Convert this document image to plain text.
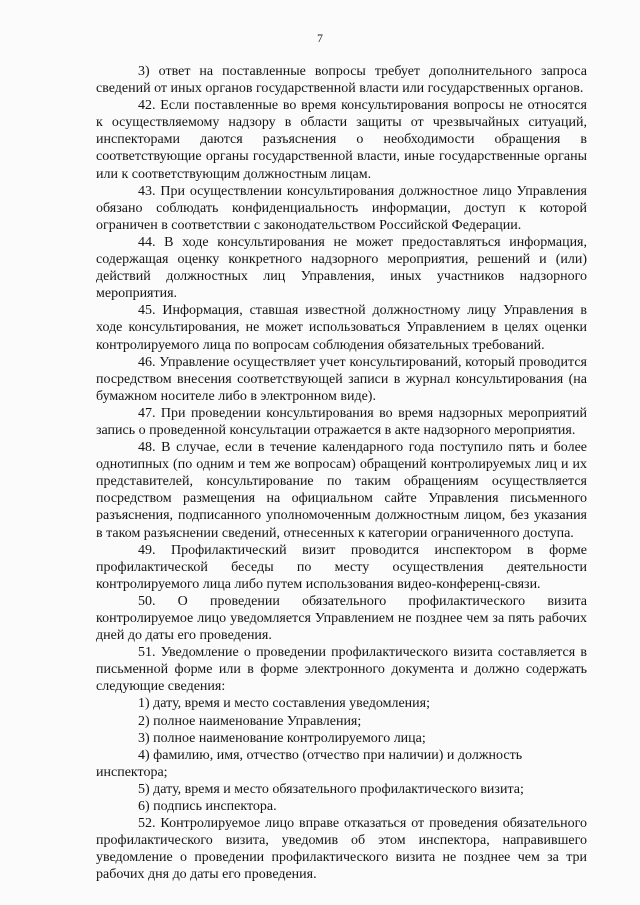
7

3) ответ на поставленные вопросы требует дополнительного запроса сведений от иных органов государственной власти или государственных органов.

42. Если поставленные во время консультирования вопросы не относятся к осуществляемому надзору в области защиты от чрезвычайных ситуаций, инспекторами даются разъяснения о необходимости обращения в соответствующие органы государственной власти, иные государственные органы или к соответствующим должностным лицам.

43. При осуществлении консультирования должностное лицо Управления обязано соблюдать конфиденциальность информации, доступ к которой ограничен в соответствии с законодательством Российской Федерации.

44. В ходе консультирования не может предоставляться информация, содержащая оценку конкретного надзорного мероприятия, решений и (или) действий должностных лиц Управления, иных участников надзорного мероприятия.

45. Информация, ставшая известной должностному лицу Управления в ходе консультирования, не может использоваться Управлением в целях оценки контролируемого лица по вопросам соблюдения обязательных требований.

46. Управление осуществляет учет консультирований, который проводится посредством внесения соответствующей записи в журнал консультирования (на бумажном носителе либо в электронном виде).

47. При проведении консультирования во время надзорных мероприятий запись о проведенной консультации отражается в акте надзорного мероприятия.

48. В случае, если в течение календарного года поступило пять и более однотипных (по одним и тем же вопросам) обращений контролируемых лиц и их представителей, консультирование по таким обращениям осуществляется посредством размещения на официальном сайте Управления письменного разъяснения, подписанного уполномоченным должностным лицом, без указания в таком разъяснении сведений, отнесенных к категории ограниченного доступа.

49. Профилактический визит проводится инспектором в форме профилактической беседы по месту осуществления деятельности контролируемого лица либо путем использования видео-конференц-связи.

50. О проведении обязательного профилактического визита контролируемое лицо уведомляется Управлением не позднее чем за пять рабочих дней до даты его проведения.

51. Уведомление о проведении профилактического визита составляется в письменной форме или в форме электронного документа и должно содержать следующие сведения:

1) дату, время и место составления уведомления;

2) полное наименование Управления;

3) полное наименование контролируемого лица;

4) фамилию, имя, отчество (отчество при наличии) и должность инспектора;

5) дату, время и место обязательного профилактического визита;

6) подпись инспектора.

52. Контролируемое лицо вправе отказаться от проведения обязательного профилактического визита, уведомив об этом инспектора, направившего уведомление о проведении профилактического визита не позднее чем за три рабочих дня до даты его проведения.
